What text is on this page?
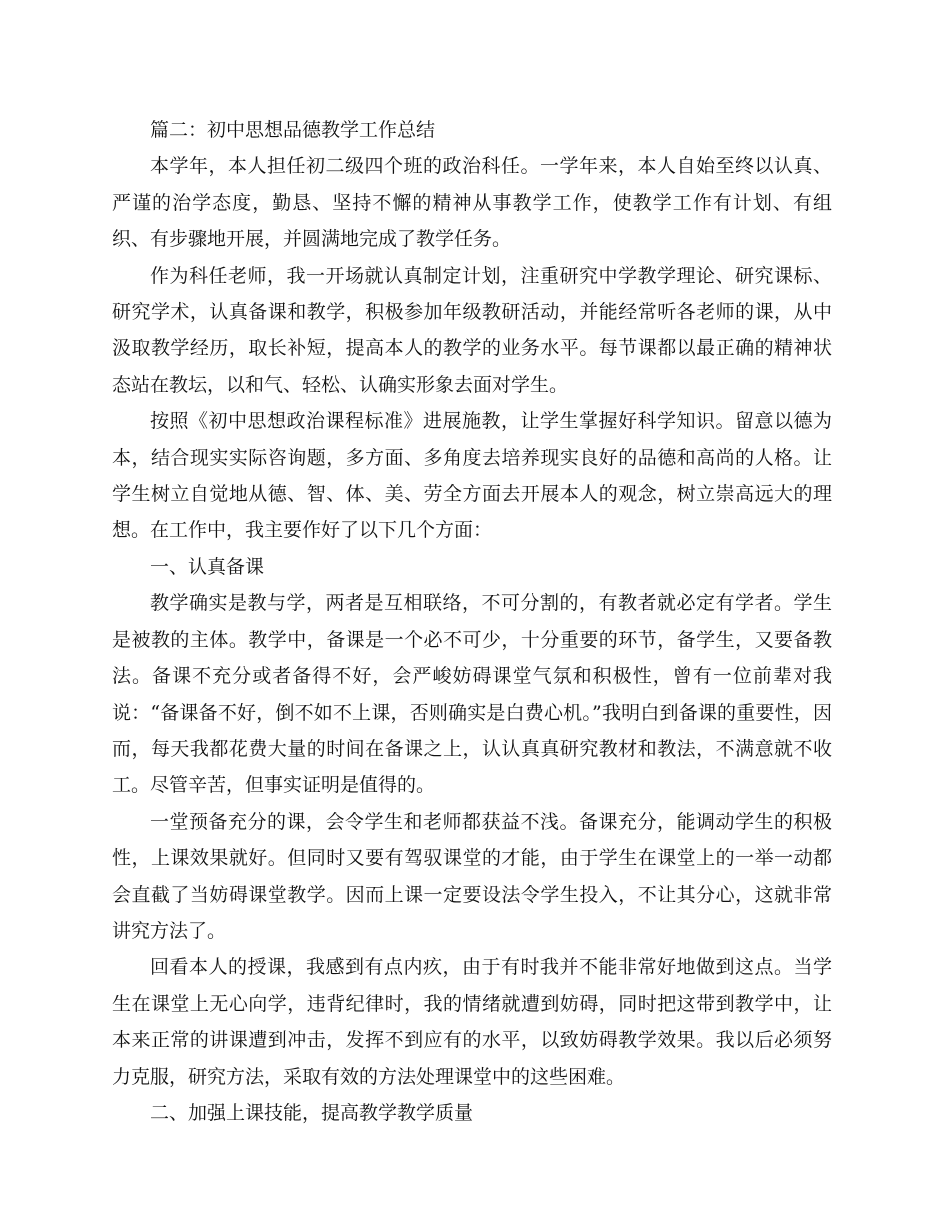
篇二：初中思想品德教学工作总结

本学年，本人担任初二级四个班的政治科任。一学年来，本人自始至终以认真、严谨的治学态度，勤恳、坚持不懈的精神从事教学工作，使教学工作有计划、有组织、有步骤地开展，并圆满地完成了教学任务。

作为科任老师，我一开场就认真制定计划，注重研究中学教学理论、研究课标、研究学术，认真备课和教学，积极参加年级教研活动，并能经常听各老师的课，从中汲取教学经历，取长补短，提高本人的教学的业务水平。每节课都以最正确的精神状态站在教坛，以和气、轻松、认确实形象去面对学生。

按照《初中思想政治课程标准》进展施教，让学生掌握好科学知识。留意以德为本，结合现实实际咨询题，多方面、多角度去培养现实良好的品德和高尚的人格。让学生树立自觉地从德、智、体、美、劳全方面去开展本人的观念，树立崇高远大的理想。在工作中，我主要作好了以下几个方面：

一、认真备课

教学确实是教与学，两者是互相联络，不可分割的，有教者就必定有学者。学生是被教的主体。教学中，备课是一个必不可少，十分重要的环节，备学生，又要备教法。备课不充分或者备得不好，会严峻妨碍课堂气氛和积极性，曾有一位前辈对我说：“备课备不好，倒不如不上课，否则确实是白费心机。”我明白到备课的重要性，因而，每天我都花费大量的时间在备课之上，认认真真研究教材和教法，不满意就不收工。尽管辛苦，但事实证明是值得的。

一堂预备充分的课，会令学生和老师都获益不浅。备课充分，能调动学生的积极性，上课效果就好。但同时又要有驾驭课堂的才能，由于学生在课堂上的一举一动都会直截了当妨碍课堂教学。因而上课一定要设法令学生投入，不让其分心，这就非常讲究方法了。

回看本人的授课，我感到有点内疚，由于有时我并不能非常好地做到这点。当学生在课堂上无心向学，违背纪律时，我的情绪就遭到妨碍，同时把这带到教学中，让本来正常的讲课遭到冲击，发挥不到应有的水平，以致妨碍教学效果。我以后必须努力克服，研究方法，采取有效的方法处理课堂中的这些困难。

二、加强上课技能，提高教学教学质量
